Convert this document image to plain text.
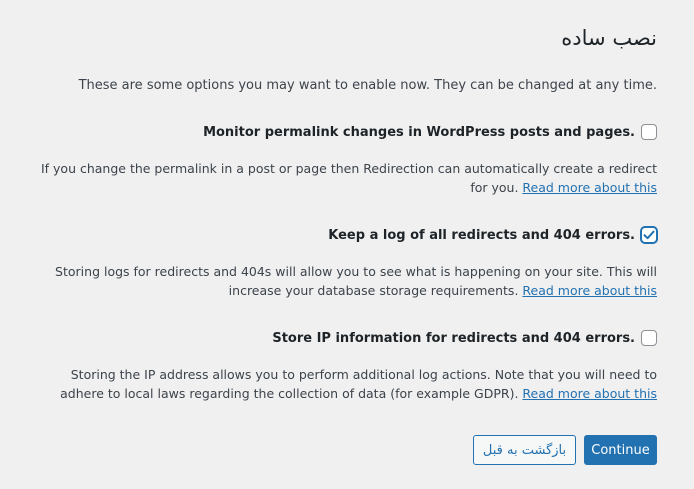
نصب ساده
These are some options you may want to enable now. They can be changed at any time.
Monitor permalink changes in WordPress posts and pages.
If you change the permalink in a post or page then Redirection can automatically create a redirect for you. Read more about this
Keep a log of all redirects and 404 errors.
Storing logs for redirects and 404s will allow you to see what is happening on your site. This will increase your database storage requirements. Read more about this
Store IP information for redirects and 404 errors.
Storing the IP address allows you to perform additional log actions. Note that you will need to adhere to local laws regarding the collection of data (for example GDPR). Read more about this
Continue
بازگشت به قبل
